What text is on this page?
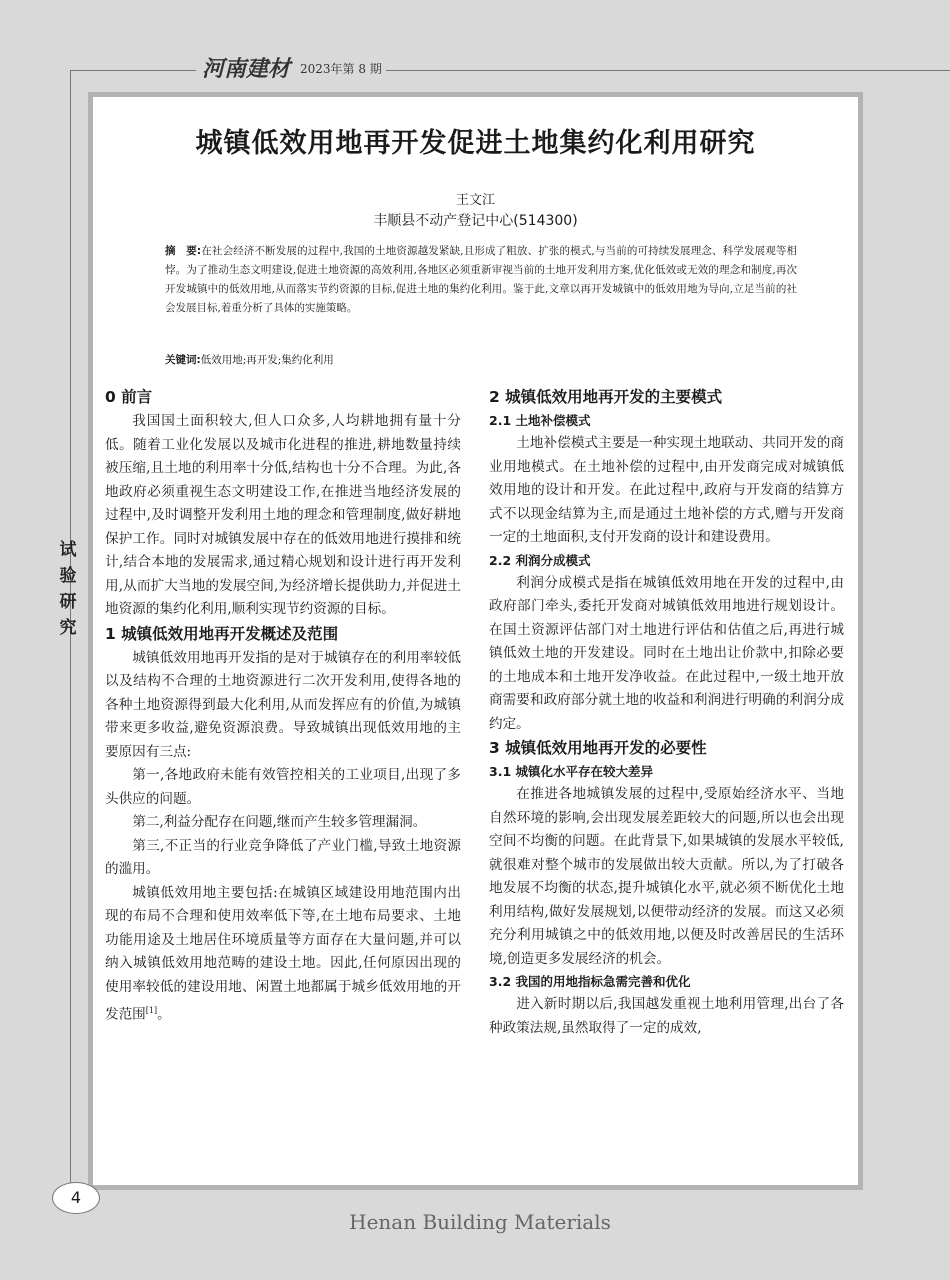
河南建材 2023年第 8 期
试
验
研
究
城镇低效用地再开发促进土地集约化利用研究
王文江
丰顺县不动产登记中心(514300)
摘　要:在社会经济不断发展的过程中,我国的土地资源越发紧缺,且形成了粗放、扩张的模式,与当前的可持续发展理念、科学发展观等相悖。为了推动生态文明建设,促进土地资源的高效利用,各地区必须重新审视当前的土地开发利用方案,优化低效或无效的理念和制度,再次开发城镇中的低效用地,从而落实节约资源的目标,促进土地的集约化利用。鉴于此,文章以再开发城镇中的低效用地为导向,立足当前的社会发展目标,着重分析了具体的实施策略。
关键词:低效用地;再开发;集约化利用
0 前言

我国国土面积较大,但人口众多,人均耕地拥有量十分低。随着工业化发展以及城市化进程的推进,耕地数量持续被压缩,且土地的利用率十分低,结构也十分不合理。为此,各地政府必须重视生态文明建设工作,在推进当地经济发展的过程中,及时调整开发利用土地的理念和管理制度,做好耕地保护工作。同时对城镇发展中存在的低效用地进行摸排和统计,结合本地的发展需求,通过精心规划和设计进行再开发利用,从而扩大当地的发展空间,为经济增长提供助力,并促进土地资源的集约化利用,顺利实现节约资源的目标。

1 城镇低效用地再开发概述及范围

城镇低效用地再开发指的是对于城镇存在的利用率较低以及结构不合理的土地资源进行二次开发利用,使得各地的各种土地资源得到最大化利用,从而发挥应有的价值,为城镇带来更多收益,避免资源浪费。导致城镇出现低效用地的主要原因有三点:

第一,各地政府未能有效管控相关的工业项目,出现了多头供应的问题。

第二,利益分配存在问题,继而产生较多管理漏洞。

第三,不正当的行业竞争降低了产业门槛,导致土地资源的滥用。

城镇低效用地主要包括:在城镇区域建设用地范围内出现的布局不合理和使用效率低下等,在土地布局要求、土地功能用途及土地居住环境质量等方面存在大量问题,并可以纳入城镇低效用地范畴的建设土地。因此,任何原因出现的使用率较低的建设用地、闲置土地都属于城乡低效用地的开发范围[1]。

2 城镇低效用地再开发的主要模式
2.1 土地补偿模式

土地补偿模式主要是一种实现土地联动、共同开发的商业用地模式。在土地补偿的过程中,由开发商完成对城镇低效用地的设计和开发。在此过程中,政府与开发商的结算方式不以现金结算为主,而是通过土地补偿的方式,赠与开发商一定的土地面积,支付开发商的设计和建设费用。

2.2 利润分成模式

利润分成模式是指在城镇低效用地在开发的过程中,由政府部门牵头,委托开发商对城镇低效用地进行规划设计。在国土资源评估部门对土地进行评估和估值之后,再进行城镇低效土地的开发建设。同时在土地出让价款中,扣除必要的土地成本和土地开发净收益。在此过程中,一级土地开放商需要和政府部分就土地的收益和利润进行明确的利润分成约定。

3 城镇低效用地再开发的必要性
3.1 城镇化水平存在较大差异

在推进各地城镇发展的过程中,受原始经济水平、当地自然环境的影响,会出现发展差距较大的问题,所以也会出现空间不均衡的问题。在此背景下,如果城镇的发展水平较低,就很难对整个城市的发展做出较大贡献。所以,为了打破各地发展不均衡的状态,提升城镇化水平,就必须不断优化土地利用结构,做好发展规划,以便带动经济的发展。而这又必须充分利用城镇之中的低效用地,以便及时改善居民的生活环境,创造更多发展经济的机会。

3.2 我国的用地指标急需完善和优化

进入新时期以后,我国越发重视土地利用管理,出台了各种政策法规,虽然取得了一定的成效,

4
Henan Building Materials
